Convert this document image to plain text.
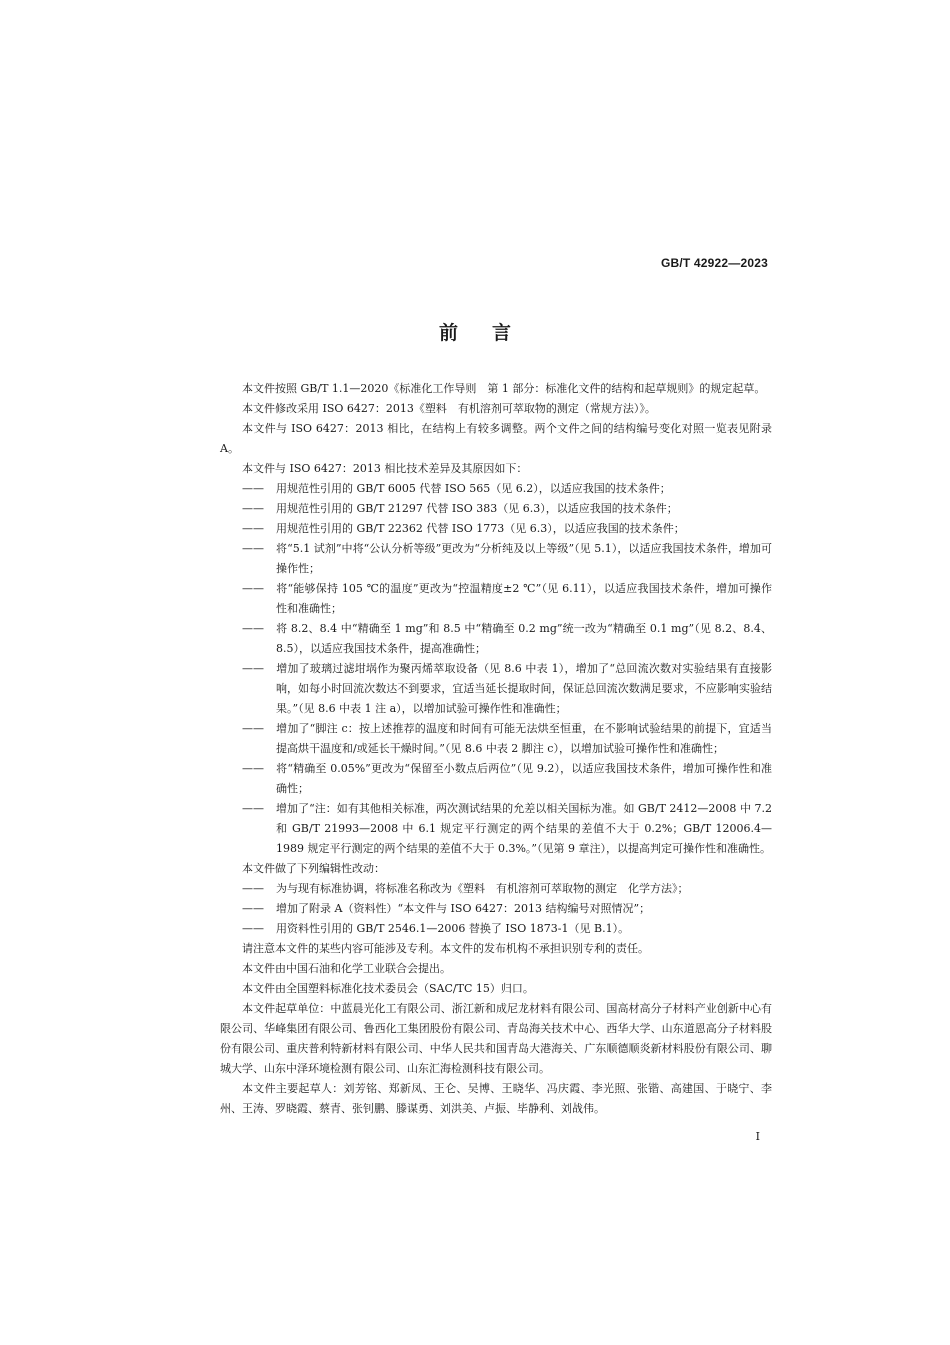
GB/T 42922—2023
前言

本文件按照 GB/T 1.1—2020《标准化工作导则　第 1 部分：标准化文件的结构和起草规则》的规定起草。

本文件修改采用 ISO 6427：2013《塑料　有机溶剂可萃取物的测定（常规方法）》。

本文件与 ISO 6427：2013 相比，在结构上有较多调整。两个文件之间的结构编号变化对照一览表见附录 A。

本文件与 ISO 6427：2013 相比技术差异及其原因如下：

—— 用规范性引用的 GB/T 6005 代替 ISO 565（见 6.2），以适应我国的技术条件；

—— 用规范性引用的 GB/T 21297 代替 ISO 383（见 6.3），以适应我国的技术条件；

—— 用规范性引用的 GB/T 22362 代替 ISO 1773（见 6.3），以适应我国的技术条件；

—— 将“5.1 试剂”中将“公认分析等级”更改为“分析纯及以上等级”（见 5.1），以适应我国技术条件，增加可操作性；

—— 将“能够保持 105 ℃的温度”更改为“控温精度±2 ℃”（见 6.11），以适应我国技术条件，增加可操作性和准确性；

—— 将 8.2、8.4 中“精确至 1 mg”和 8.5 中“精确至 0.2 mg”统一改为“精确至 0.1 mg”（见 8.2、8.4、8.5），以适应我国技术条件，提高准确性；

—— 增加了玻璃过滤坩埚作为聚丙烯萃取设备（见 8.6 中表 1），增加了“总回流次数对实验结果有直接影响，如每小时回流次数达不到要求，宜适当延长提取时间，保证总回流次数满足要求，不应影响实验结果。”（见 8.6 中表 1 注 a），以增加试验可操作性和准确性；

—— 增加了“脚注 c：按上述推荐的温度和时间有可能无法烘至恒重，在不影响试验结果的前提下，宜适当提高烘干温度和/或延长干燥时间。”（见 8.6 中表 2 脚注 c），以增加试验可操作性和准确性；

—— 将“精确至 0.05%”更改为“保留至小数点后两位”（见 9.2），以适应我国技术条件，增加可操作性和准确性；

—— 增加了“注：如有其他相关标准，两次测试结果的允差以相关国标为准。如 GB/T 2412—2008 中 7.2 和 GB/T 21993—2008 中 6.1 规定平行测定的两个结果的差值不大于 0.2%；GB/T 12006.4—1989 规定平行测定的两个结果的差值不大于 0.3%。”（见第 9 章注），以提高判定可操作性和准确性。

本文件做了下列编辑性改动：

—— 为与现有标准协调，将标准名称改为《塑料　有机溶剂可萃取物的测定　化学方法》；

—— 增加了附录 A（资料性）“本文件与 ISO 6427：2013 结构编号对照情况”；

—— 用资料性引用的 GB/T 2546.1—2006 替换了 ISO 1873-1（见 B.1）。

请注意本文件的某些内容可能涉及专利。本文件的发布机构不承担识别专利的责任。

本文件由中国石油和化学工业联合会提出。

本文件由全国塑料标准化技术委员会（SAC/TC 15）归口。

本文件起草单位：中蓝晨光化工有限公司、浙江新和成尼龙材料有限公司、国高材高分子材料产业创新中心有限公司、华峰集团有限公司、鲁西化工集团股份有限公司、青岛海关技术中心、西华大学、山东道恩高分子材料股份有限公司、重庆普利特新材料有限公司、中华人民共和国青岛大港海关、广东顺德顺炎新材料股份有限公司、聊城大学、山东中泽环境检测有限公司、山东汇海检测科技有限公司。

本文件主要起草人：刘芳铭、郑新凤、王仑、吴博、王晓华、冯庆霞、李光照、张锴、高建国、于晓宁、李州、王涛、罗晓霞、蔡青、张钊鹏、滕谋勇、刘洪美、卢振、毕静利、刘战伟。

I
